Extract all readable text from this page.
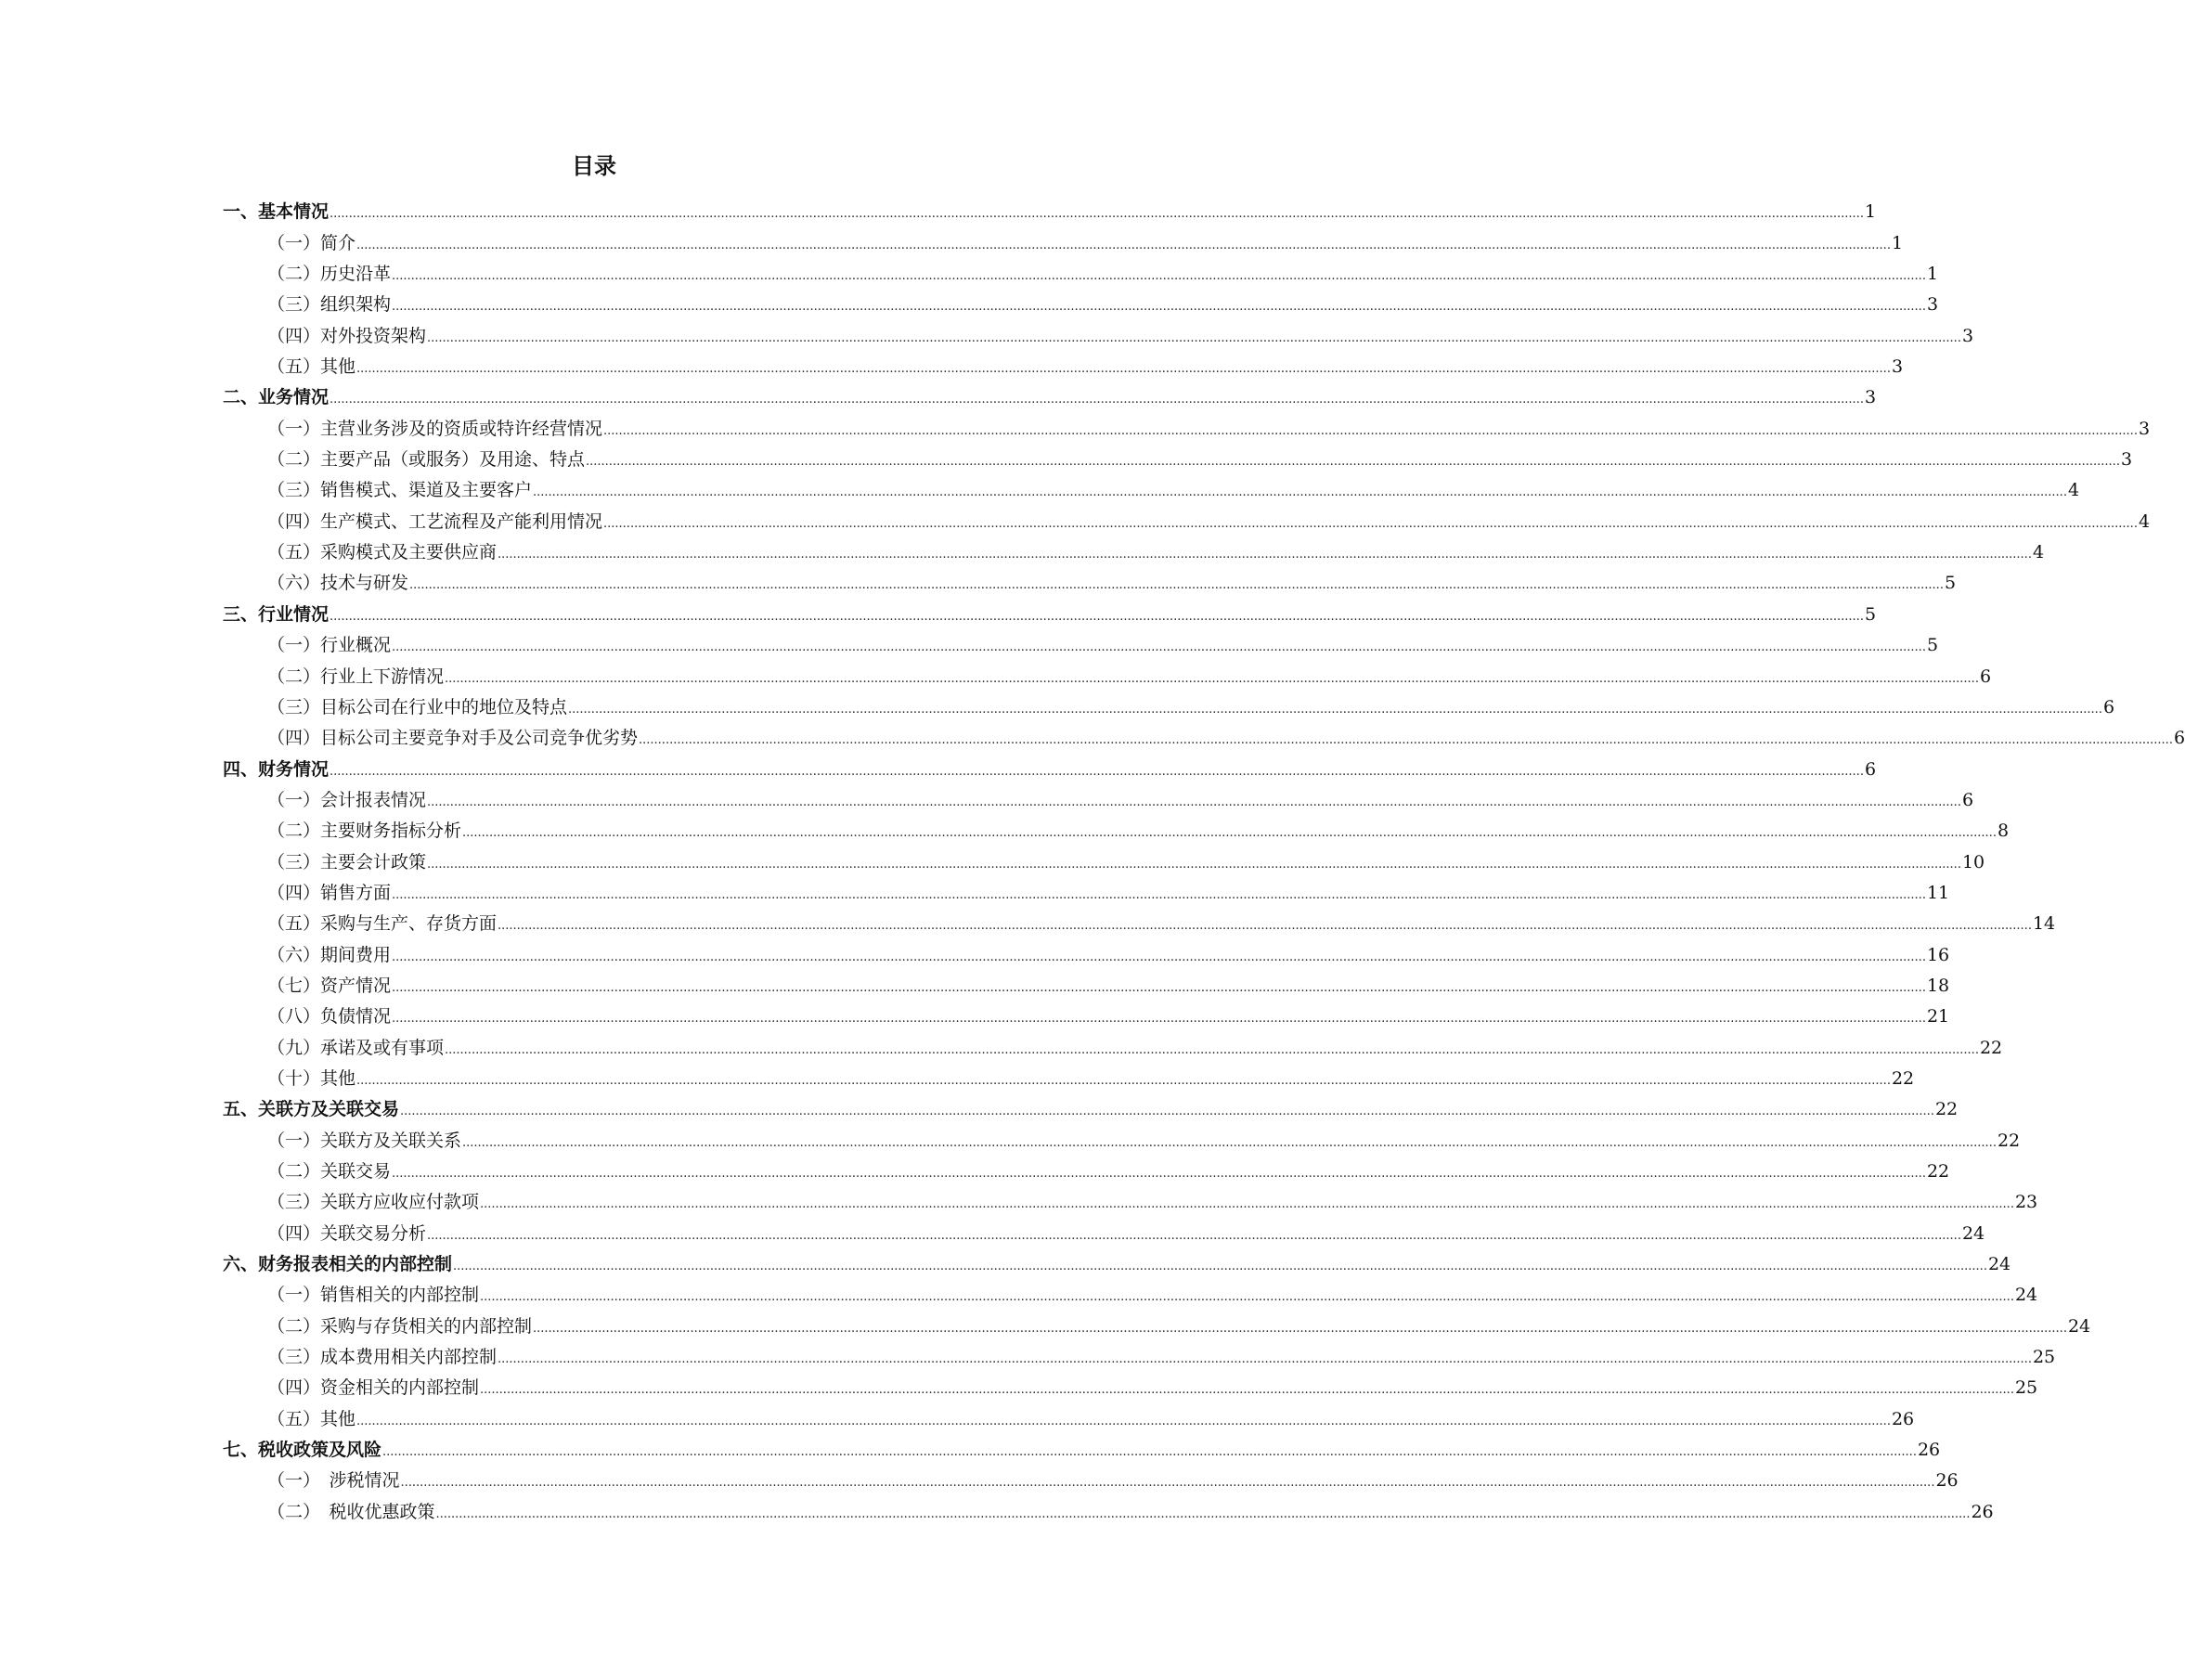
目录
一、基本情况 ................................................................................................................................................................................................................................................................................................................................................................................................................ 1
（一）简介 ................................................................................................................................................................................................................................................................................................................................................................................................................ 1
（二）历史沿革 ................................................................................................................................................................................................................................................................................................................................................................................................................ 1
（三）组织架构 ................................................................................................................................................................................................................................................................................................................................................................................................................ 3
（四）对外投资架构 ................................................................................................................................................................................................................................................................................................................................................................................................................ 3
（五）其他 ................................................................................................................................................................................................................................................................................................................................................................................................................ 3
二、业务情况 ................................................................................................................................................................................................................................................................................................................................................................................................................ 3
（一）主营业务涉及的资质或特许经营情况 ................................................................................................................................................................................................................................................................................................................................................................................................................ 3
（二）主要产品（或服务）及用途、特点 ................................................................................................................................................................................................................................................................................................................................................................................................................ 3
（三）销售模式、渠道及主要客户 ................................................................................................................................................................................................................................................................................................................................................................................................................ 4
（四）生产模式、工艺流程及产能利用情况 ................................................................................................................................................................................................................................................................................................................................................................................................................ 4
（五）采购模式及主要供应商 ................................................................................................................................................................................................................................................................................................................................................................................................................ 4
（六）技术与研发 ................................................................................................................................................................................................................................................................................................................................................................................................................ 5
三、行业情况 ................................................................................................................................................................................................................................................................................................................................................................................................................ 5
（一）行业概况 ................................................................................................................................................................................................................................................................................................................................................................................................................ 5
（二）行业上下游情况 ................................................................................................................................................................................................................................................................................................................................................................................................................ 6
（三）目标公司在行业中的地位及特点 ................................................................................................................................................................................................................................................................................................................................................................................................................ 6
（四）目标公司主要竞争对手及公司竞争优劣势 ................................................................................................................................................................................................................................................................................................................................................................................................................ 6
四、财务情况 ................................................................................................................................................................................................................................................................................................................................................................................................................ 6
（一）会计报表情况 ................................................................................................................................................................................................................................................................................................................................................................................................................ 6
（二）主要财务指标分析 ................................................................................................................................................................................................................................................................................................................................................................................................................ 8
（三）主要会计政策 ................................................................................................................................................................................................................................................................................................................................................................................................................ 10
（四）销售方面 ................................................................................................................................................................................................................................................................................................................................................................................................................ 11
（五）采购与生产、存货方面 ................................................................................................................................................................................................................................................................................................................................................................................................................ 14
（六）期间费用 ................................................................................................................................................................................................................................................................................................................................................................................................................ 16
（七）资产情况 ................................................................................................................................................................................................................................................................................................................................................................................................................ 18
（八）负债情况 ................................................................................................................................................................................................................................................................................................................................................................................................................ 21
（九）承诺及或有事项 ................................................................................................................................................................................................................................................................................................................................................................................................................ 22
（十）其他 ................................................................................................................................................................................................................................................................................................................................................................................................................ 22
五、关联方及关联交易 ................................................................................................................................................................................................................................................................................................................................................................................................................ 22
（一）关联方及关联关系 ................................................................................................................................................................................................................................................................................................................................................................................................................ 22
（二）关联交易 ................................................................................................................................................................................................................................................................................................................................................................................................................ 22
（三）关联方应收应付款项 ................................................................................................................................................................................................................................................................................................................................................................................................................ 23
（四）关联交易分析 ................................................................................................................................................................................................................................................................................................................................................................................................................ 24
六、财务报表相关的内部控制 ................................................................................................................................................................................................................................................................................................................................................................................................................ 24
（一）销售相关的内部控制 ................................................................................................................................................................................................................................................................................................................................................................................................................ 24
（二）采购与存货相关的内部控制 ................................................................................................................................................................................................................................................................................................................................................................................................................ 24
（三）成本费用相关内部控制 ................................................................................................................................................................................................................................................................................................................................................................................................................ 25
（四）资金相关的内部控制 ................................................................................................................................................................................................................................................................................................................................................................................................................ 25
（五）其他 ................................................................................................................................................................................................................................................................................................................................................................................................................ 26
七、税收政策及风险 ................................................................................................................................................................................................................................................................................................................................................................................................................ 26
（一）　涉税情况 ................................................................................................................................................................................................................................................................................................................................................................................................................ 26
（二）　税收优惠政策 ................................................................................................................................................................................................................................................................................................................................................................................................................ 26
